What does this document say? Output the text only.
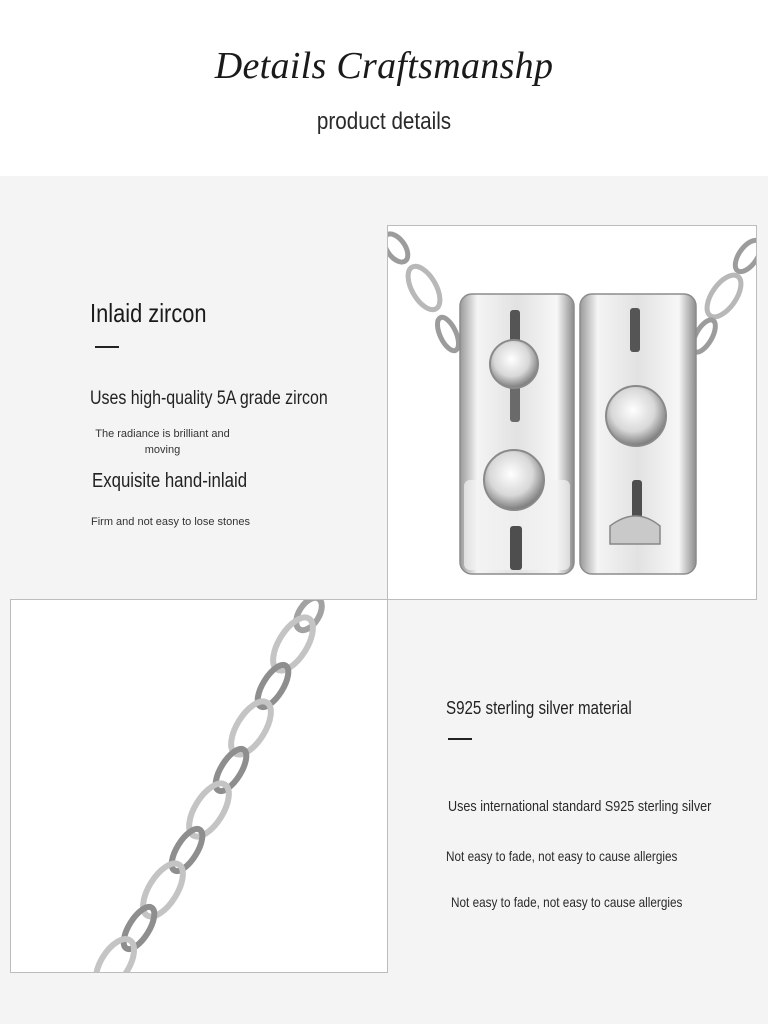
Details Craftsmanshp
product details
Inlaid zircon
Uses high-quality 5A grade zircon
The radiance is brilliant and
moving
Exquisite hand-inlaid
Firm and not easy to lose stones
S925 sterling silver material
Uses international standard S925 sterling silver
Not easy to fade, not easy to cause allergies
Not easy to fade, not easy to cause allergies
